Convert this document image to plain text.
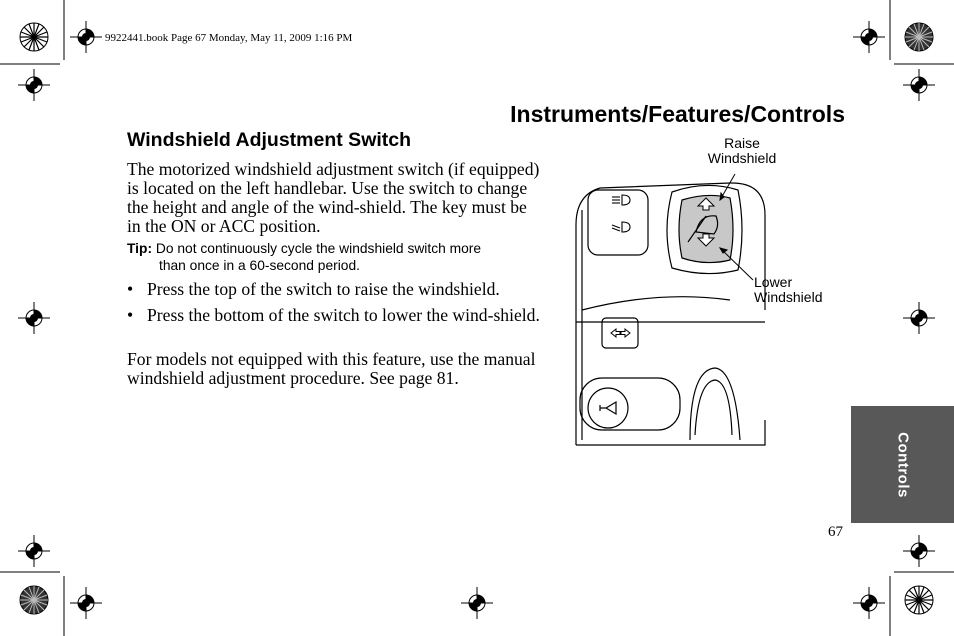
9922441.book Page 67 Monday, May 11, 2009 1:16 PM
Instruments/Features/Controls
Windshield Adjustment Switch
The motorized windshield adjustment switch (if equipped) is located on the left handlebar. Use the switch to change the height and angle of the wind-shield. The key must be in the ON or ACC position.
Tip: Do not continuously cycle the windshield switch more
than once in a 60-second period.
• Press the top of the switch to raise the windshield.
• Press the bottom of the switch to lower the wind-shield.
For models not equipped with this feature, use the manual windshield adjustment procedure. See page 81.
Raise
Windshield
Lower
Windshield
Controls
67
